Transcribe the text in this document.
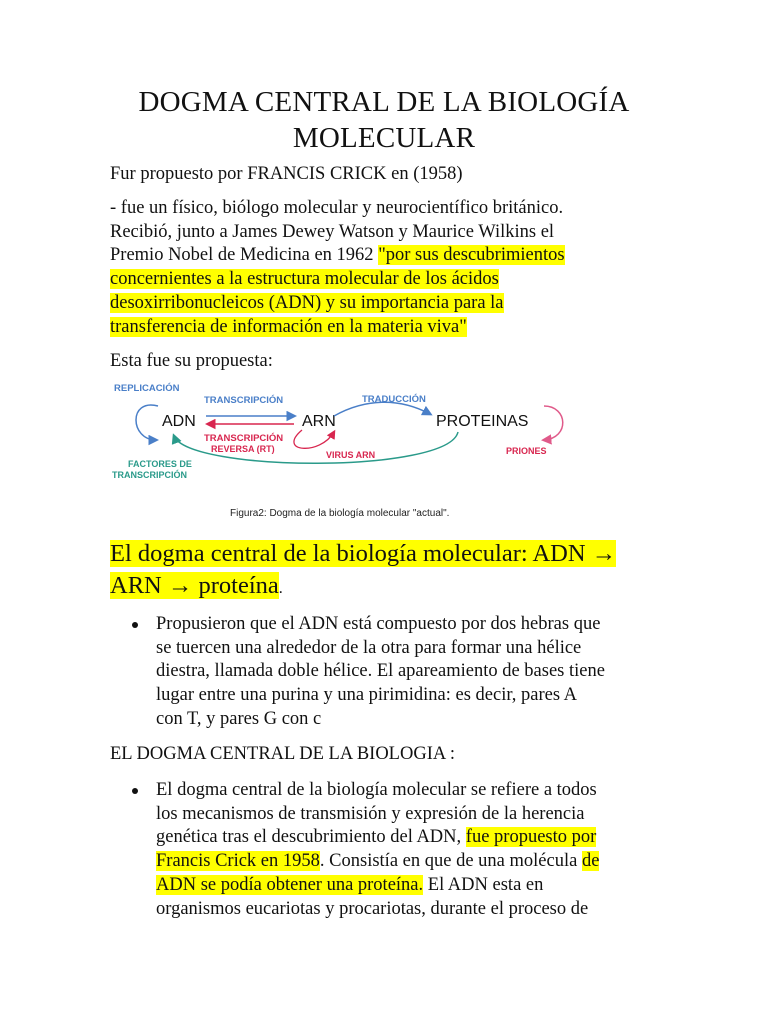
DOGMA CENTRAL DE LA BIOLOGÍA
MOLECULAR

Fur propuesto por FRANCIS CRICK en (1958)

- fue un físico, biólogo molecular y neurocientífico británico.
Recibió, junto a James Dewey Watson y Maurice Wilkins el
Premio Nobel de Medicina en 1962 "por sus descubrimientos
concernientes a la estructura molecular de los ácidos
desoxirribonucleicos (ADN) y su importancia para la
transferencia de información en la materia viva"

Esta fue su propuesta:

REPLICACIÓN
ADN	ARN	PROTEINAS
TRANSCRIPCIÓN
TRANSCRIPCIÓN
REVERSA (RT)
TRADUCCIÓN
VIRUS ARN	PRIONES
FACTORES DE
TRANSCRIPCIÓN
Figura2: Dogma de la biología molecular "actual".
El dogma central de la biología molecular: ADN →
ARN → proteína.
Propusieron que el ADN está compuesto por dos hebras que
se tuercen una alrededor de la otra para formar una hélice
diestra, llamada doble hélice. El apareamiento de bases tiene
lugar entre una purina y una pirimidina: es decir, pares A
con T, y pares G con c

EL DOGMA CENTRAL DE LA BIOLOGIA :

El dogma central de la biología molecular se refiere a todos
los mecanismos de transmisión y expresión de la herencia
genética tras el descubrimiento del ADN, fue propuesto por
Francis Crick en 1958. Consistía en que de una molécula de
ADN se podía obtener una proteína. El ADN esta en
organismos eucariotas y procariotas, durante el proceso de
